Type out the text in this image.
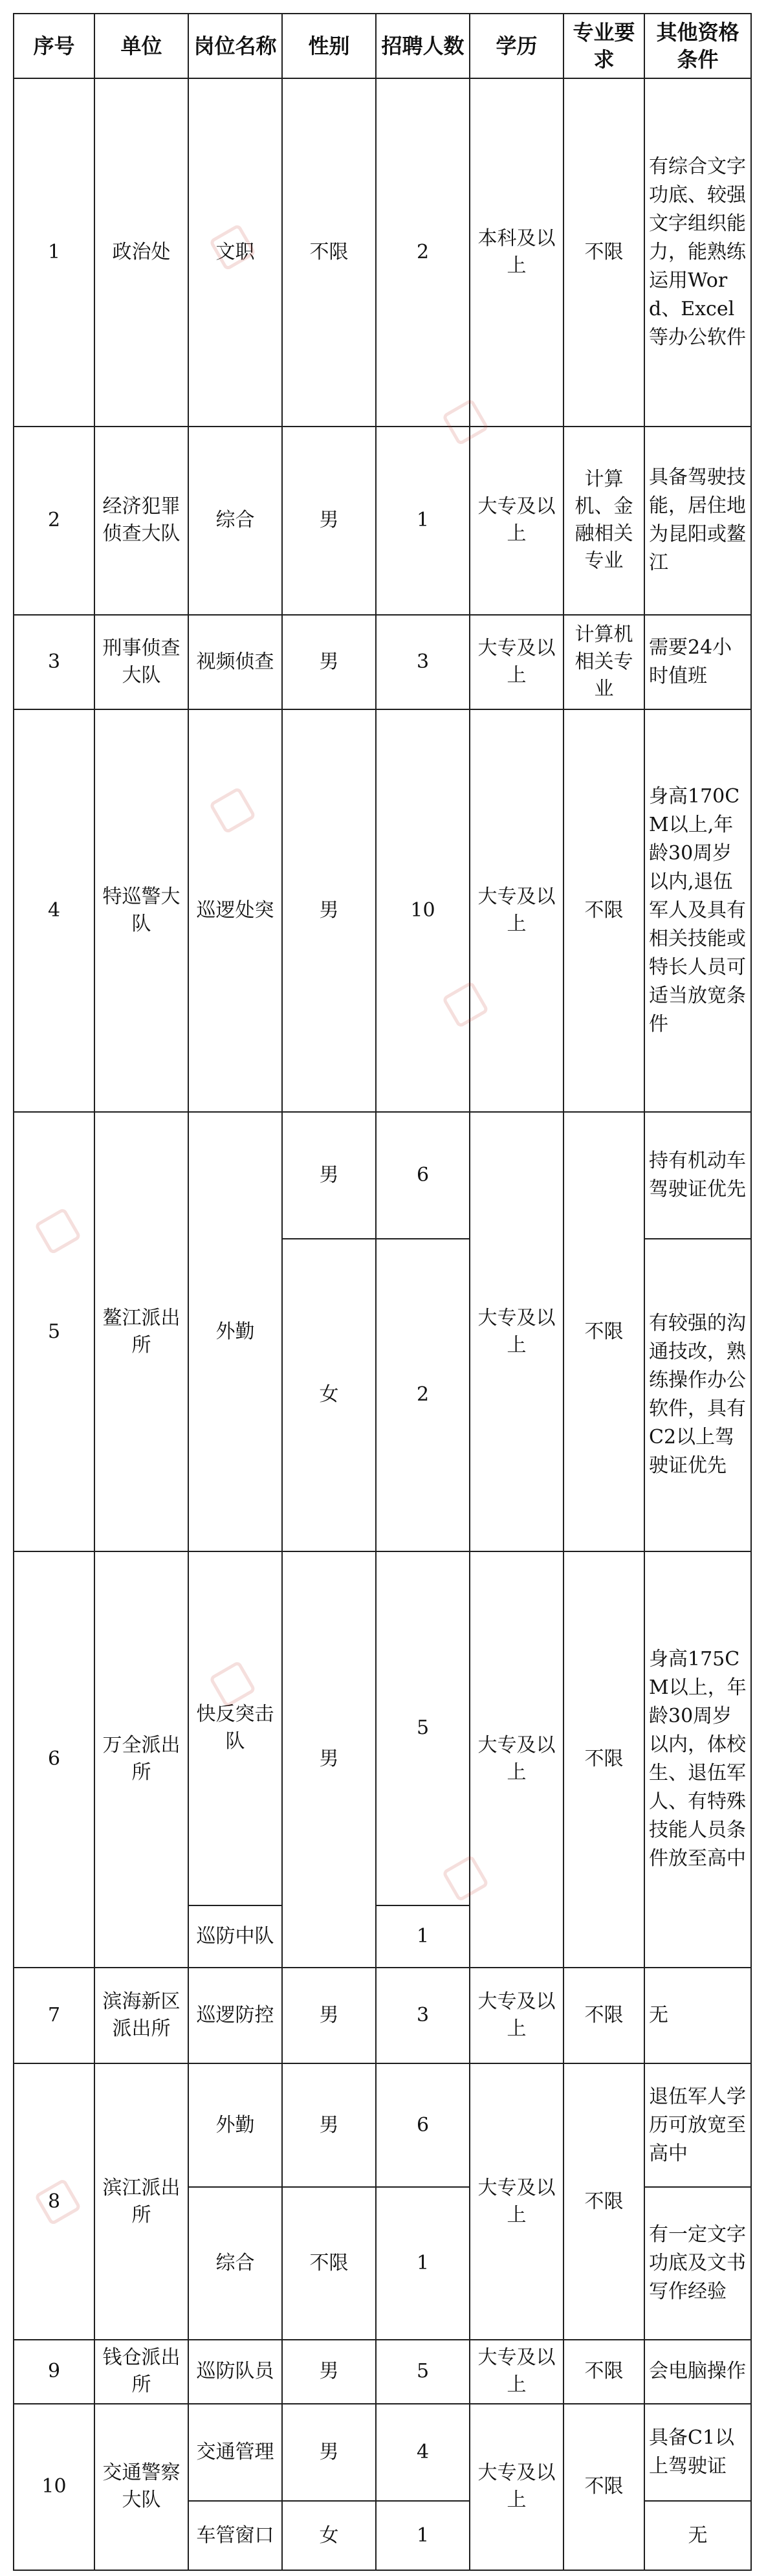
序号	单位	岗位名称	性别	招聘人数	学历	专业要求	其他资格条件
1	政治处	文职	不限	2	本科及以上	不限	有综合文字功底、较强文字组织能力，能熟练运用Word、Excel等办公软件
2	经济犯罪侦查大队	综合	男	1	大专及以上	计算机、金融相关专业	具备驾驶技能，居住地为昆阳或鳌江
3	刑事侦查大队	视频侦查	男	3	大专及以上	计算机相关专业	需要24小时值班
4	特巡警大队	巡逻处突	男	10	大专及以上	不限	身高170CM以上,年龄30周岁以内,退伍军人及具有相关技能或特长人员可适当放宽条件
5	鳌江派出所	外勤	男	6	大专及以上	不限	持有机动车驾驶证优先
			女	2			有较强的沟通技改，熟练操作办公软件，具有C2以上驾驶证优先
6	万全派出所	快反突击队	男	5	大专及以上	不限	身高175CM以上，年龄30周岁以内，体校生、退伍军人、有特殊技能人员条件放至高中
		巡防中队		1			
7	滨海新区派出所	巡逻防控	男	3	大专及以上	不限	无
8	滨江派出所	外勤	男	6	大专及以上	不限	退伍军人学历可放宽至高中
		综合	不限	1			有一定文字功底及文书写作经验
9	钱仓派出所	巡防队员	男	5	大专及以上	不限	会电脑操作
10	交通警察大队	交通管理	男	4	大专及以上	不限	具备C1以上驾驶证
		车管窗口	女	1			无
